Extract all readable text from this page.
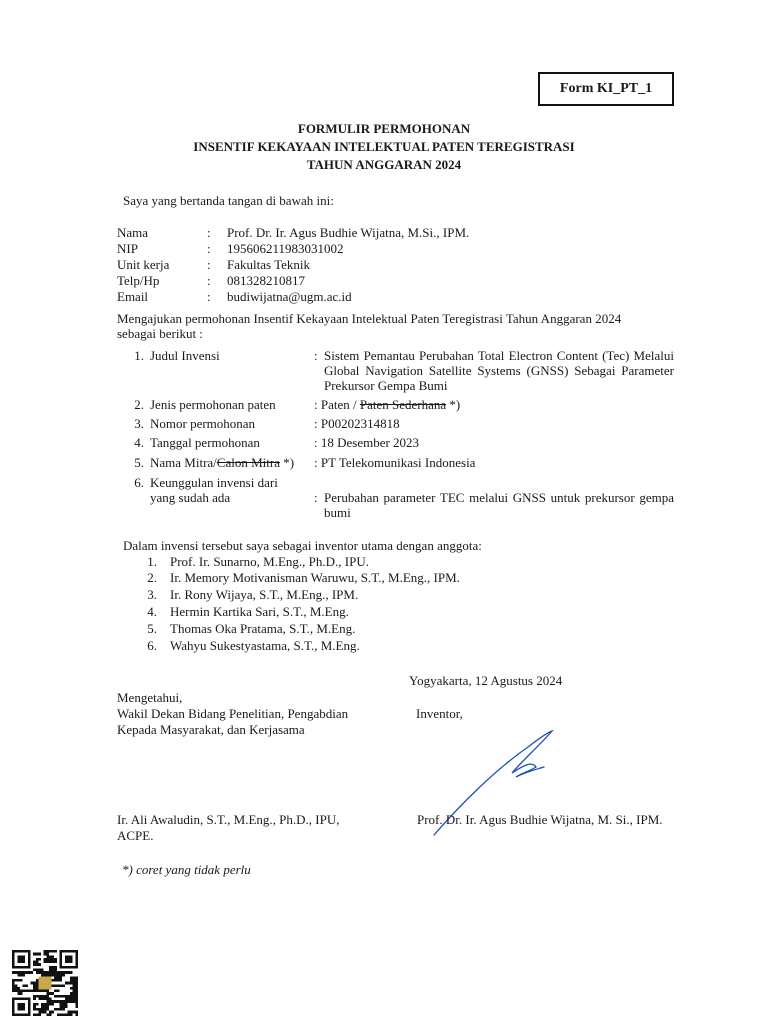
Form KI_PT_1
FORMULIR PERMOHONAN
INSENTIF KEKAYAAN INTELEKTUAL PATEN TEREGISTRASI
TAHUN ANGGARAN 2024
Saya yang bertanda tangan di bawah ini:
Nama	: Prof. Dr. Ir. Agus Budhie Wijatna, M.Si., IPM.
NIP	: 195606211983031002
Unit kerja	: Fakultas Teknik
Telp/Hp	: 081328210817
Email	: budiwijatna@ugm.ac.id
Mengajukan permohonan Insentif Kekayaan Intelektual Paten Teregistrasi Tahun Anggaran 2024
sebagai berikut :
1. Judul Invensi	: Sistem Pemantau Perubahan Total Electron Content (Tec) Melalui Global Navigation Satellite Systems (GNSS) Sebagai Parameter Prekursor Gempa Bumi
2. Jenis permohonan paten	: Paten / Paten Sederhana *)
3. Nomor permohonan	: P00202314818
4. Tanggal permohonan	: 18 Desember 2023
5. Nama Mitra/Calon Mitra *) : PT Telekomunikasi Indonesia
6. Keunggulan invensi dari
yang sudah ada	: Perubahan parameter TEC melalui GNSS untuk prekursor gempa bumi
Dalam invensi tersebut saya sebagai inventor utama dengan anggota:
1. Prof. Ir. Sunarno, M.Eng., Ph.D., IPU.
2. Ir. Memory Motivanisman Waruwu, S.T., M.Eng., IPM.
3. Ir. Rony Wijaya, S.T., M.Eng., IPM.
4. Hermin Kartika Sari, S.T., M.Eng.
5. Thomas Oka Pratama, S.T., M.Eng.
6. Wahyu Sukestyastama, S.T., M.Eng.
Yogyakarta, 12 Agustus 2024
Mengetahui,
Wakil Dekan Bidang Penelitian, Pengabdian
Kepada Masyarakat, dan Kerjasama
Ir. Ali Awaludin, S.T., M.Eng., Ph.D., IPU,
ACPE.
Inventor,
Prof. Dr. Ir. Agus Budhie Wijatna, M. Si., IPM.
*) coret yang tidak perlu
